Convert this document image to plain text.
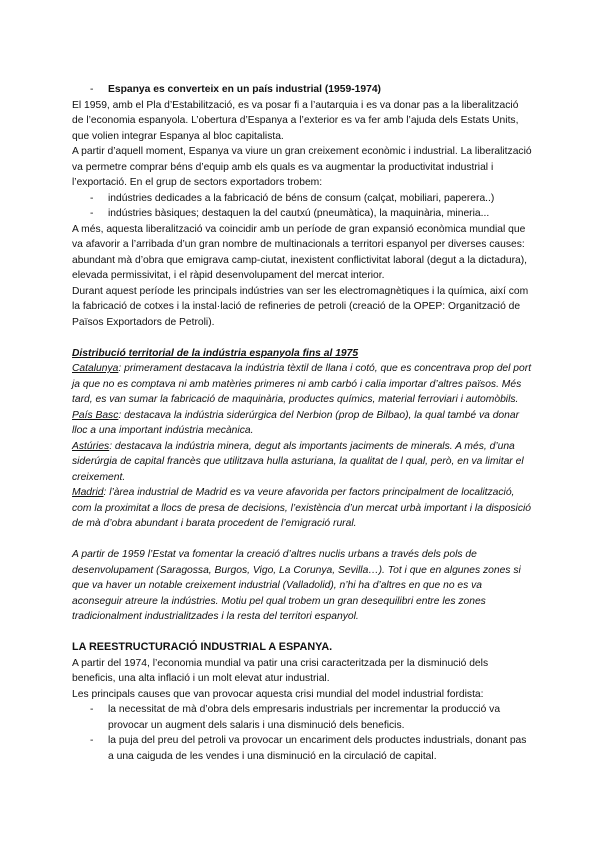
- Espanya es converteix en un país industrial (1959-1974)

El 1959, amb el Pla d’Estabilització, es va posar fi a l’autarquia i es va donar pas a la liberalització de l’economia espanyola. L’obertura d’Espanya a l’exterior es va fer amb l’ajuda dels Estats Units, que volien integrar Espanya al bloc capitalista.

A partir d’aquell moment, Espanya va viure un gran creixement econòmic i industrial. La liberalització va permetre comprar béns d’equip amb els quals es va augmentar la productivitat industrial i l’exportació. En el grup de sectors exportadors trobem:

- indústries dedicades a la fabricació de béns de consum (calçat, mobiliari, paperera..)

- indústries bàsiques; destaquen la del cautxú (pneumàtica), la maquinària, mineria...

A més, aquesta liberalització va coincidir amb un període de gran expansió econòmica mundial que va afavorir a l’arribada d’un gran nombre de multinacionals a territori espanyol per diverses causes: abundant mà d’obra que emigrava camp-ciutat, inexistent conflictivitat laboral (degut a la dictadura), elevada permissivitat, i el ràpid desenvolupament del mercat interior.

Durant aquest període les principals indústries van ser les electromagnètiques i la química, així com la fabricació de cotxes i la instal·lació de refineries de petroli (creació de la OPEP: Organització de Països Exportadors de Petroli).

Distribució territorial de la indústria espanyola fins al 1975

Catalunya: primerament destacava la indústria tèxtil de llana i cotó, que es concentrava prop del port ja que no es comptava ni amb matèries primeres ni amb carbó i calia importar d’altres països. Més tard, es van sumar la fabricació de maquinària, productes químics, material ferroviari i automòbils.

País Basc: destacava la indústria siderúrgica del Nerbion (prop de Bilbao), la qual també va donar lloc a una important indústria mecànica.

Astúries: destacava la indústria minera, degut als importants jaciments de minerals. A més, d’una siderúrgia de capital francès que utilitzava hulla asturiana, la qualitat de l qual, però, en va limitar el creixement.

Madrid: l’àrea industrial de Madrid es va veure afavorida per factors principalment de localització, com la proximitat a llocs de presa de decisions, l’existència d’un mercat urbà important i la disposició de mà d’obra abundant i barata procedent de l’emigració rural.

A partir de 1959 l’Estat va fomentar la creació d’altres nuclis urbans a través dels pols de desenvolupament (Saragossa, Burgos, Vigo, La Corunya, Sevilla…). Tot i que en algunes zones si que va haver un notable creixement industrial (Valladolid), n’hi ha d’altres en que no es va aconseguir atreure la indústries. Motiu pel qual trobem un gran desequilibri entre les zones tradicionalment industrialitzades i la resta del territori espanyol.

LA REESTRUCTURACIÓ INDUSTRIAL A ESPANYA.

A partir del 1974, l’economia mundial va patir una crisi caracteritzada per la disminució dels beneficis, una alta inflació i un molt elevat atur industrial.

Les principals causes que van provocar aquesta crisi mundial del model industrial fordista:

- la necessitat de mà d’obra dels empresaris industrials per incrementar la producció va provocar un augment dels salaris i una disminució dels beneficis.

- la puja del preu del petroli va provocar un encariment dels productes industrials, donant pas a una caiguda de les vendes i una disminució en la circulació de capital.
